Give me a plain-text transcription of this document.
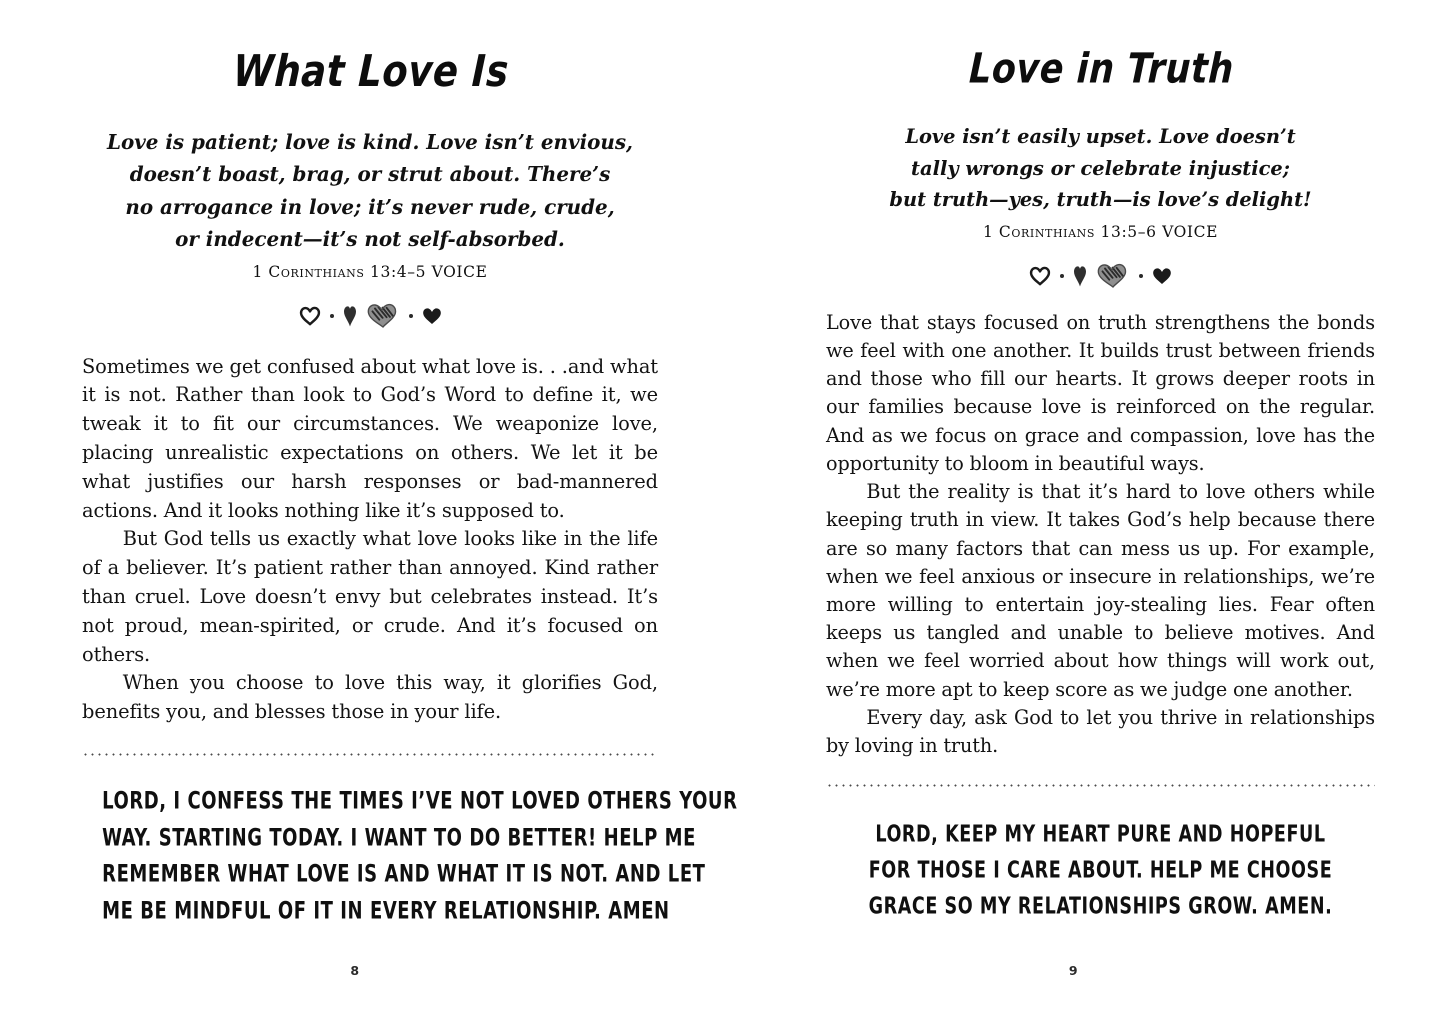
What Love Is
Love is patient; love is kind. Love isn’t envious,
doesn’t boast, brag, or strut about. There’s
no arrogance in love; it’s never rude, crude,
or indecent—it’s not self-absorbed.
1 Corinthians 13:4–5 VOICE

Sometimes we get confused about what love is. . .and what it is not. Rather than look to God’s Word to define it, we tweak it to fit our circumstances. We weaponize love, placing unrealistic expectations on others. We let it be what justifies our harsh responses or bad-mannered actions. And it looks nothing like it’s supposed to.

But God tells us exactly what love looks like in the life of a believer. It’s patient rather than annoyed. Kind rather than cruel. Love doesn’t envy but celebrates instead. It’s not proud, mean-spirited, or crude. And it’s focused on others.

When you choose to love this way, it glorifies God, benefits you, and blesses those in your life.

LORD, I CONFESS THE TIMES I’VE NOT LOVED OTHERS YOUR
WAY. STARTING TODAY. I WANT TO DO BETTER! HELP ME
REMEMBER WHAT LOVE IS AND WHAT IT IS NOT. AND LET
ME BE MINDFUL OF IT IN EVERY RELATIONSHIP. AMEN
8
Love in Truth
Love isn’t easily upset. Love doesn’t
tally wrongs or celebrate injustice;
but truth—yes, truth—is love’s delight!
1 Corinthians 13:5–6 VOICE

Love that stays focused on truth strengthens the bonds we feel with one another. It builds trust between friends and those who fill our hearts. It grows deeper roots in our families because love is reinforced on the regular. And as we focus on grace and compassion, love has the opportunity to bloom in beautiful ways.

But the reality is that it’s hard to love others while keeping truth in view. It takes God’s help because there are so many factors that can mess us up. For example, when we feel anxious or insecure in relationships, we’re more willing to entertain joy-stealing lies. Fear often keeps us tangled and unable to believe motives. And when we feel worried about how things will work out, we’re more apt to keep score as we judge one another.

Every day, ask God to let you thrive in relationships by loving in truth.

LORD, KEEP MY HEART PURE AND HOPEFUL
FOR THOSE I CARE ABOUT. HELP ME CHOOSE
GRACE SO MY RELATIONSHIPS GROW. AMEN.
9
